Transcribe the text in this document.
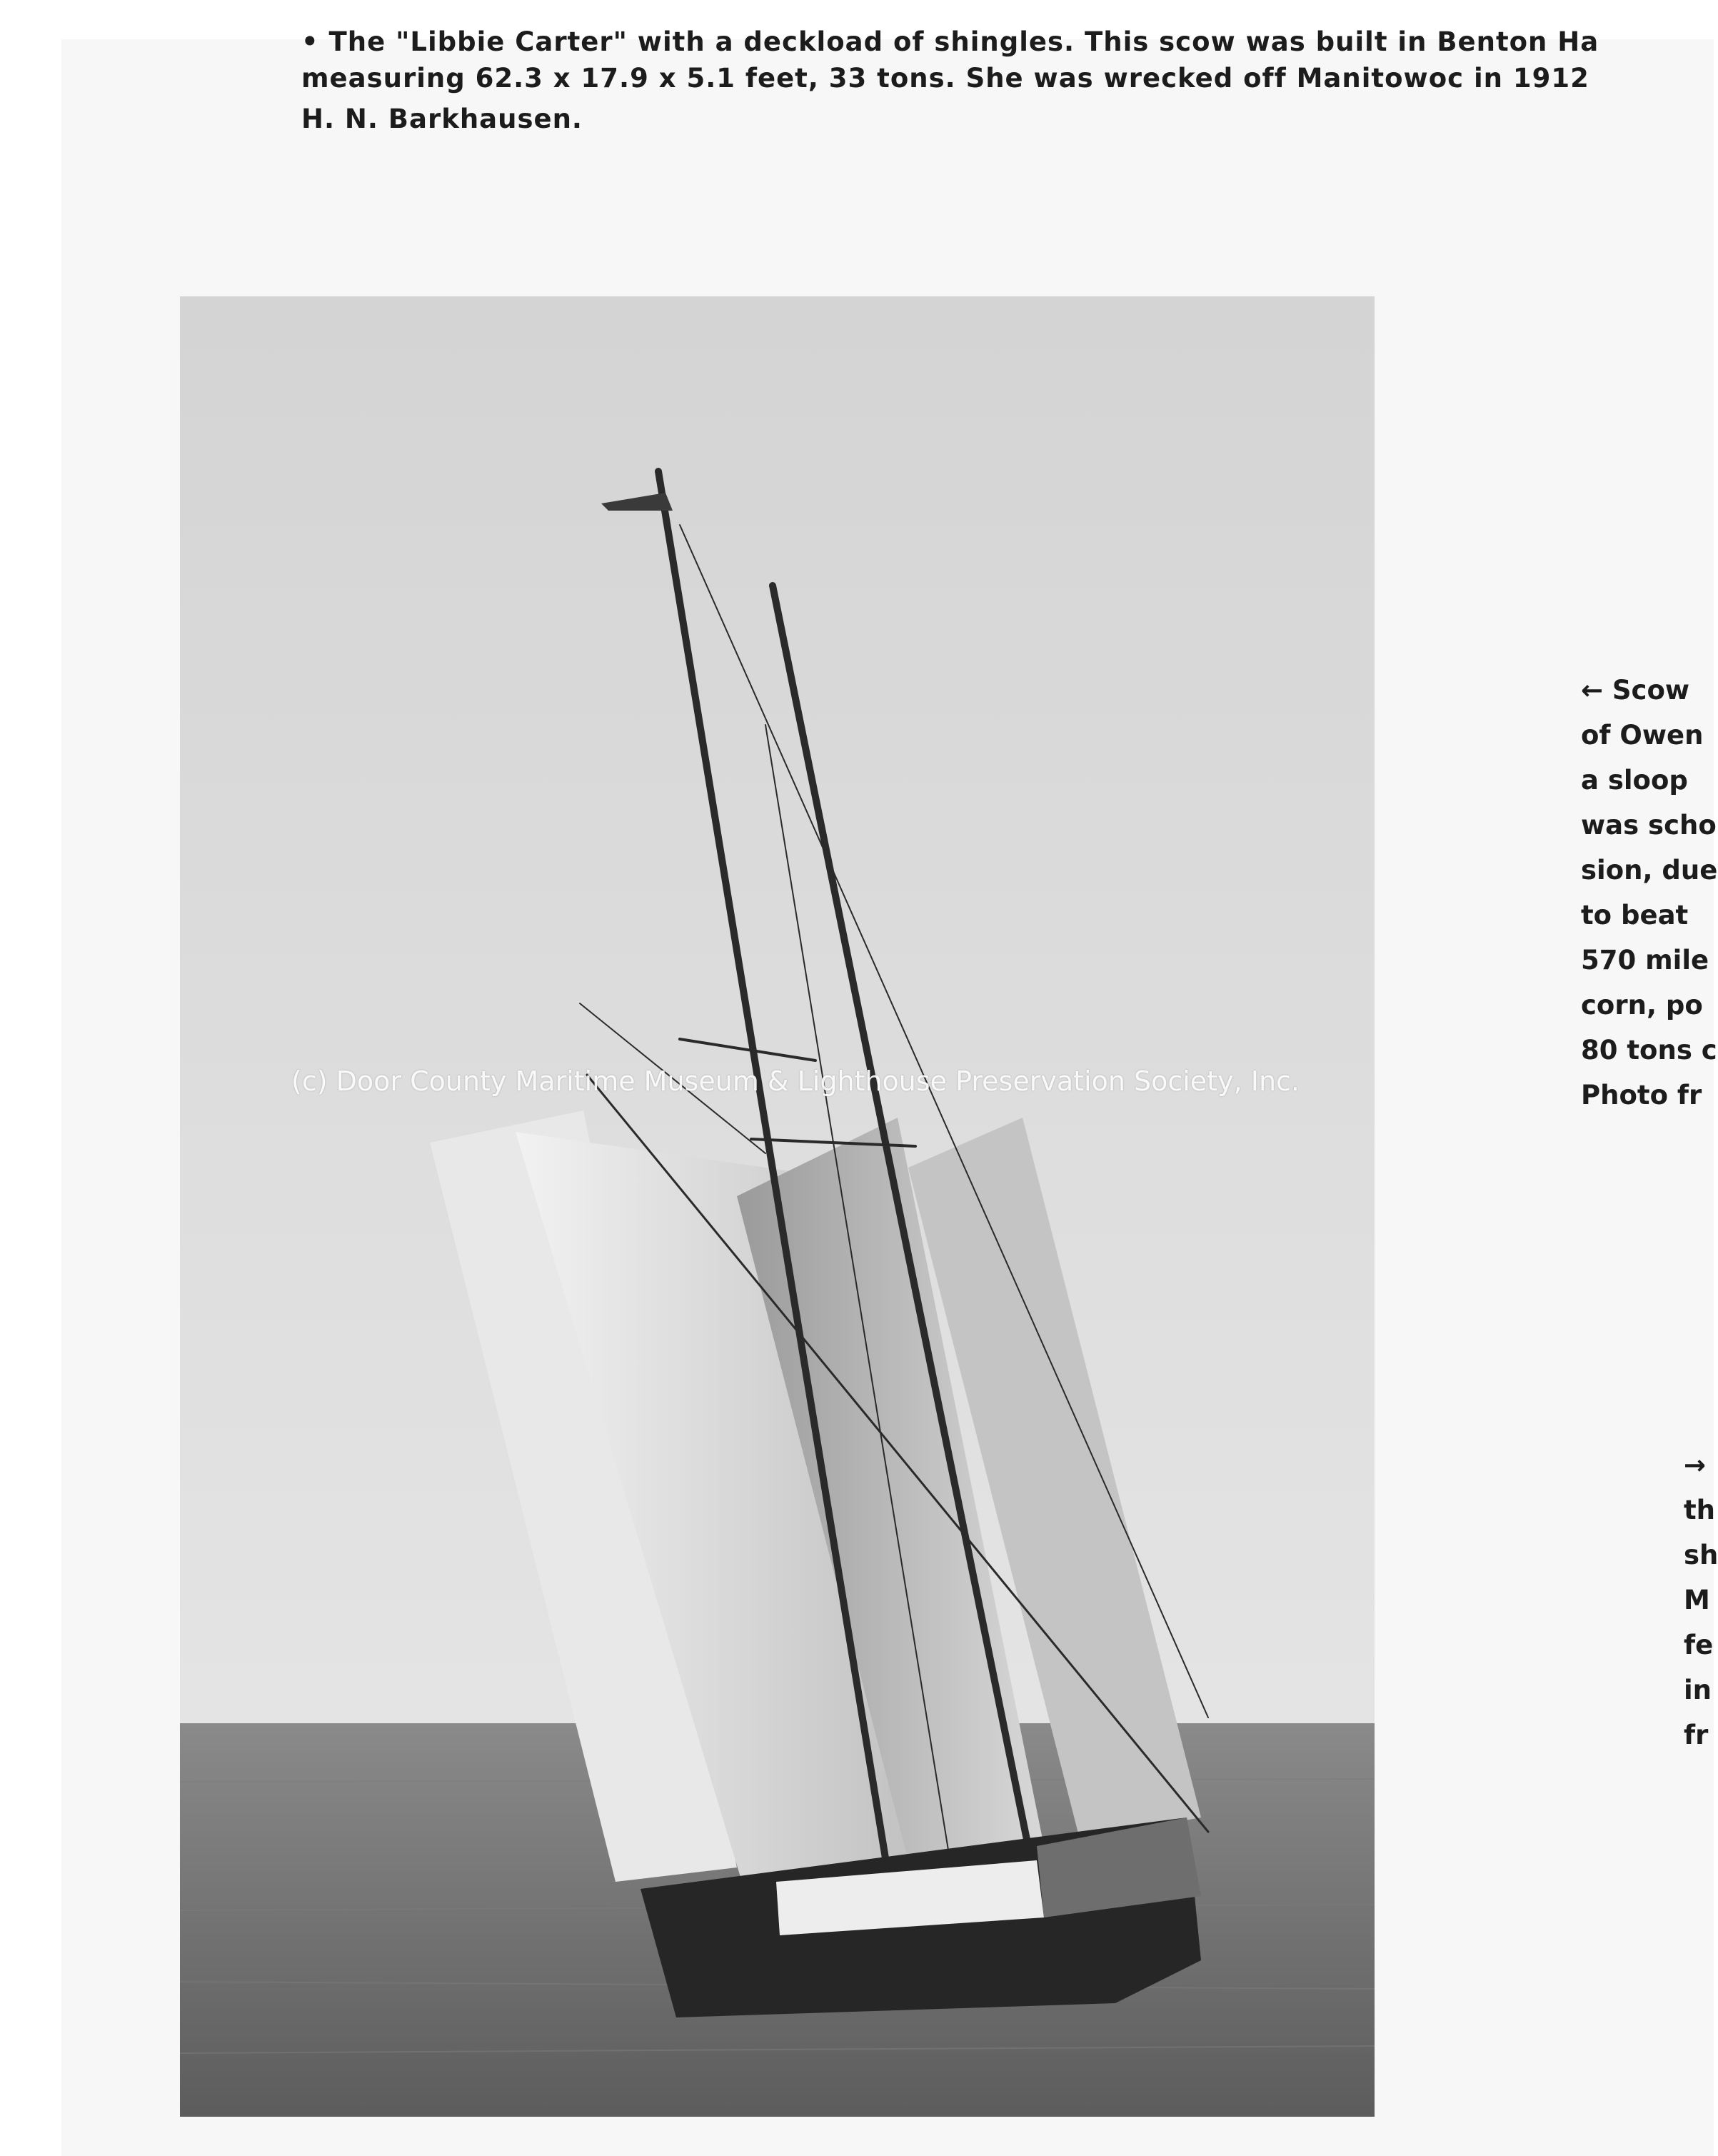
• The "Libbie Carter" with a deckload of shingles. This scow was built in Benton Ha
measuring 62.3 x 17.9 x 5.1 feet, 33 tons. She was wrecked off Manitowoc in 1912
H. N. Barkhausen.
← Scow
of Owen
a sloop
was scho
sion, due
to beat
570 mile
corn, po
80 tons c
Photo fr
→
th
sh
M
fe
in
fr
(c) Door County Maritime Museum & Lighthouse Preservation Society, Inc.
